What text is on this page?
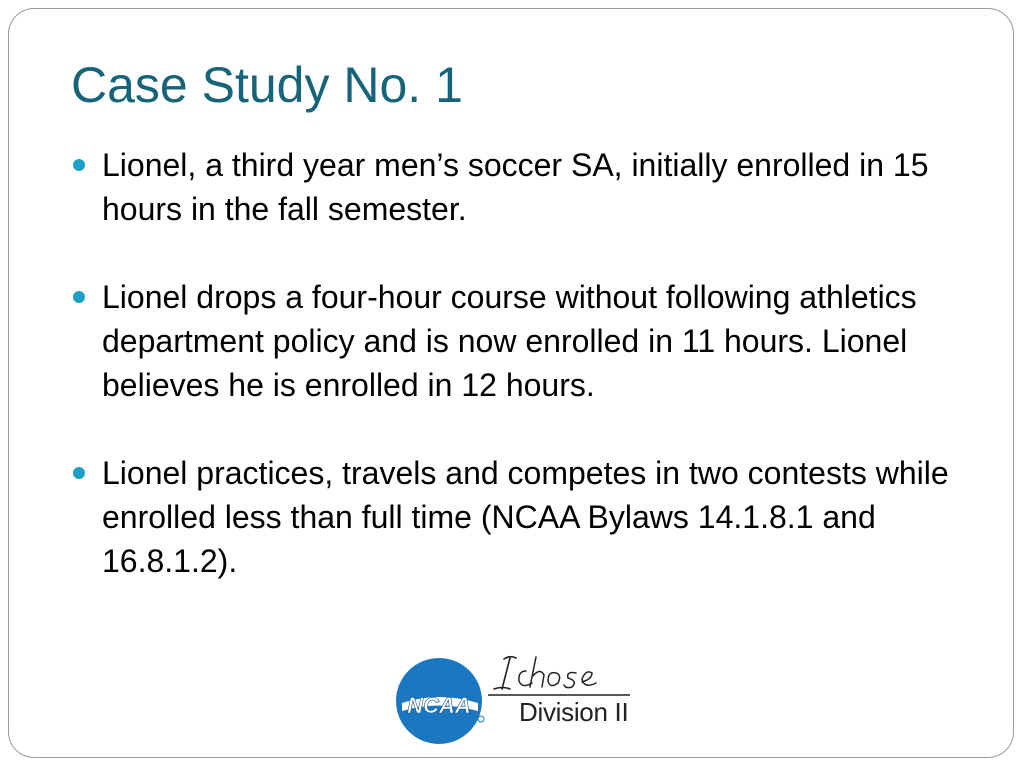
Case Study No. 1
Lionel, a third year men’s soccer SA, initially enrolled in 15 hours in the fall semester.
Lionel drops a four-hour course without following athletics department policy and is now enrolled in 11 hours. Lionel believes he is enrolled in 12 hours.
Lionel practices, travels and competes in two contests while enrolled less than full time (NCAA Bylaws 14.1.8.1 and 16.8.1.2).
NCAA Division II
